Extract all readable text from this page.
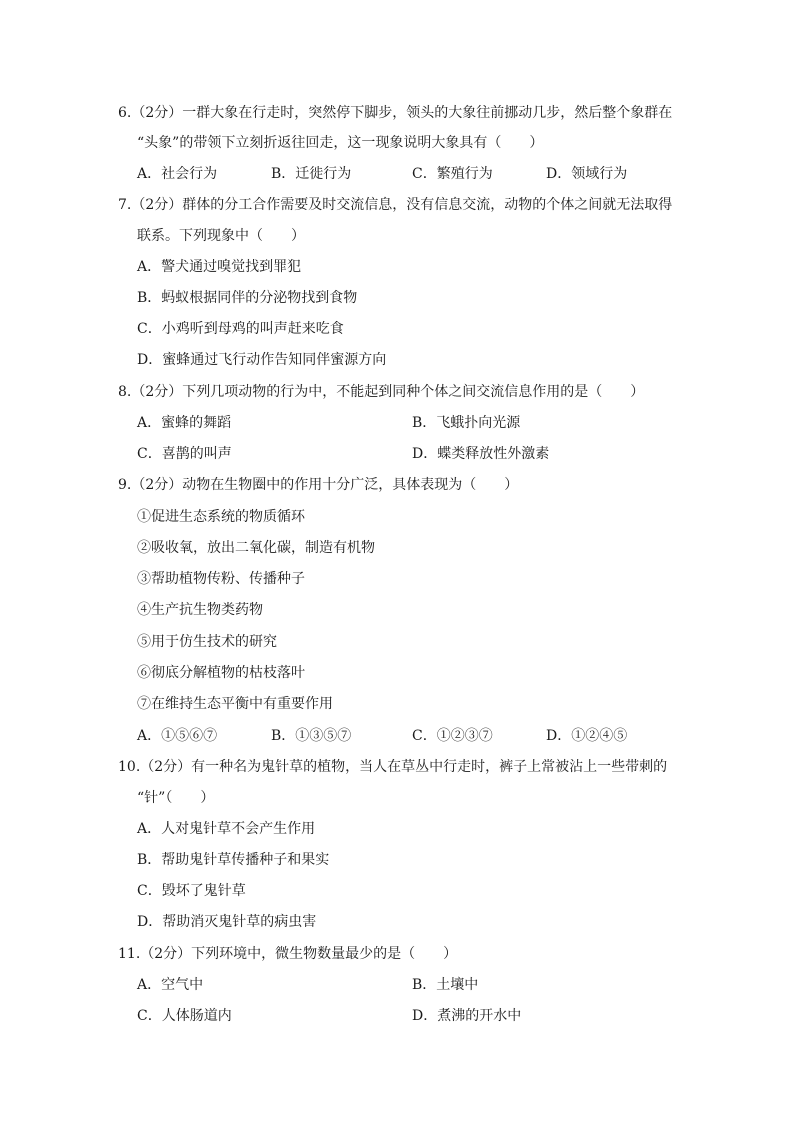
6.（2分）一群大象在行走时，突然停下脚步，领头的大象往前挪动几步，然后整个象群在
“头象”的带领下立刻折返往回走，这一现象说明大象具有（　　）
A．社会行为	B．迁徙行为	C．繁殖行为	D．领域行为
7.（2分）群体的分工合作需要及时交流信息，没有信息交流，动物的个体之间就无法取得
联系。下列现象中（　　）
A．警犬通过嗅觉找到罪犯
B．蚂蚁根据同伴的分泌物找到食物
C．小鸡听到母鸡的叫声赶来吃食
D．蜜蜂通过飞行动作告知同伴蜜源方向
8.（2分）下列几项动物的行为中，不能起到同种个体之间交流信息作用的是（　　）
A．蜜蜂的舞蹈	B．飞蛾扑向光源
C．喜鹊的叫声	D．蝶类释放性外激素
9.（2分）动物在生物圈中的作用十分广泛，具体表现为（　　）
①促进生态系统的物质循环
②吸收氧，放出二氧化碳，制造有机物
③帮助植物传粉、传播种子
④生产抗生物类药物
⑤用于仿生技术的研究
⑥彻底分解植物的枯枝落叶
⑦在维持生态平衡中有重要作用
A．①⑤⑥⑦	B．①③⑤⑦	C．①②③⑦	D．①②④⑤
10.（2分）有一种名为鬼针草的植物，当人在草丛中行走时，裤子上常被沾上一些带刺的
“针”（　　）
A．人对鬼针草不会产生作用
B．帮助鬼针草传播种子和果实
C．毁坏了鬼针草
D．帮助消灭鬼针草的病虫害
11.（2分）下列环境中，微生物数量最少的是（　　）
A．空气中	B．土壤中
C．人体肠道内	D．煮沸的开水中
